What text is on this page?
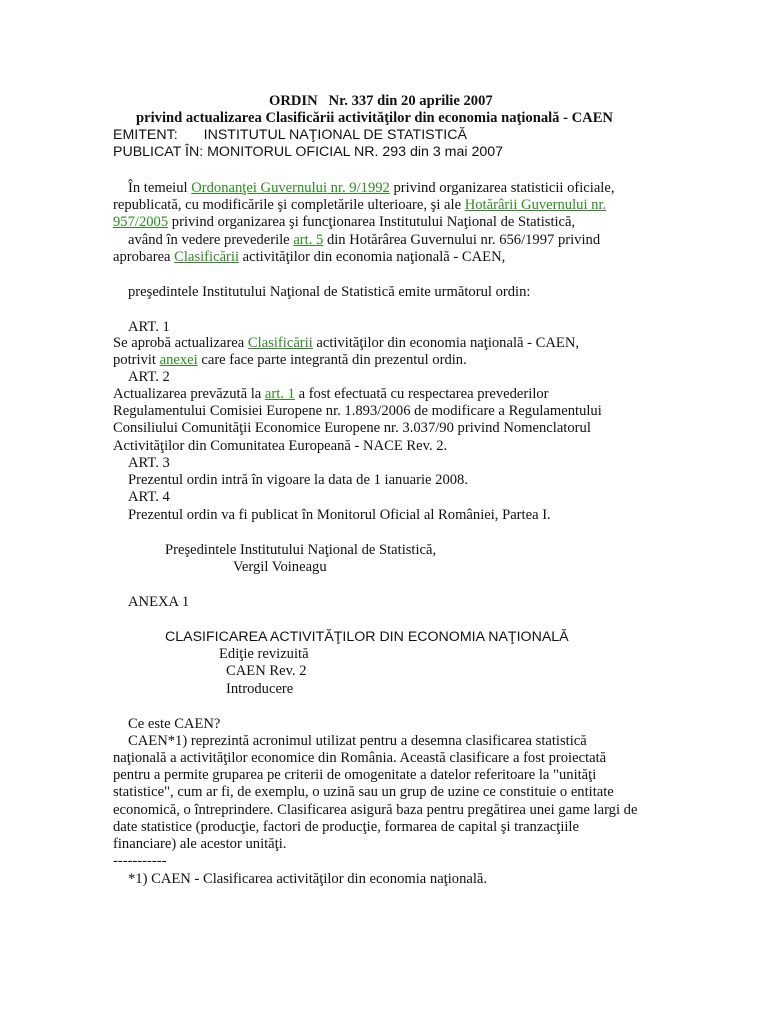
ORDIN Nr. 337 din 20 aprilie 2007
privind actualizarea Clasificării activităţilor din economia naţională - CAEN
EMITENT: INSTITUTUL NAŢIONAL DE STATISTICĂ
PUBLICAT ÎN: MONITORUL OFICIAL NR. 293 din 3 mai 2007
În temeiul Ordonanţei Guvernului nr. 9/1992 privind organizarea statisticii oficiale,
republicată, cu modificările şi completările ulterioare, şi ale Hotărârii Guvernului nr.
957/2005 privind organizarea şi funcţionarea Institutului Naţional de Statistică,
având în vedere prevederile art. 5 din Hotărârea Guvernului nr. 656/1997 privind
aprobarea Clasificării activităţilor din economia naţională - CAEN,
preşedintele Institutului Naţional de Statistică emite următorul ordin:
ART. 1
Se aprobă actualizarea Clasificării activităţilor din economia naţională - CAEN,
potrivit anexei care face parte integrantă din prezentul ordin.
ART. 2
Actualizarea prevăzută la art. 1 a fost efectuată cu respectarea prevederilor
Regulamentului Comisiei Europene nr. 1.893/2006 de modificare a Regulamentului
Consiliului Comunităţii Economice Europene nr. 3.037/90 privind Nomenclatorul
Activităţilor din Comunitatea Europeană - NACE Rev. 2.
ART. 3
Prezentul ordin intră în vigoare la data de 1 ianuarie 2008.
ART. 4
Prezentul ordin va fi publicat în Monitorul Oficial al României, Partea I.
Preşedintele Institutului Naţional de Statistică,
Vergil Voineagu
ANEXA 1
CLASIFICAREA ACTIVITĂŢILOR DIN ECONOMIA NAŢIONALĂ
Ediţie revizuită
CAEN Rev. 2
Introducere
Ce este CAEN?
CAEN*1) reprezintă acronimul utilizat pentru a desemna clasificarea statistică
naţională a activităţilor economice din România. Această clasificare a fost proiectată
pentru a permite gruparea pe criterii de omogenitate a datelor referitoare la "unităţi
statistice", cum ar fi, de exemplu, o uzină sau un grup de uzine ce constituie o entitate
economică, o întreprindere. Clasificarea asigură baza pentru pregătirea unei game largi de
date statistice (producţie, factori de producţie, formarea de capital şi tranzacţiile
financiare) ale acestor unităţi.
-----------
*1) CAEN - Clasificarea activităţilor din economia naţională.
